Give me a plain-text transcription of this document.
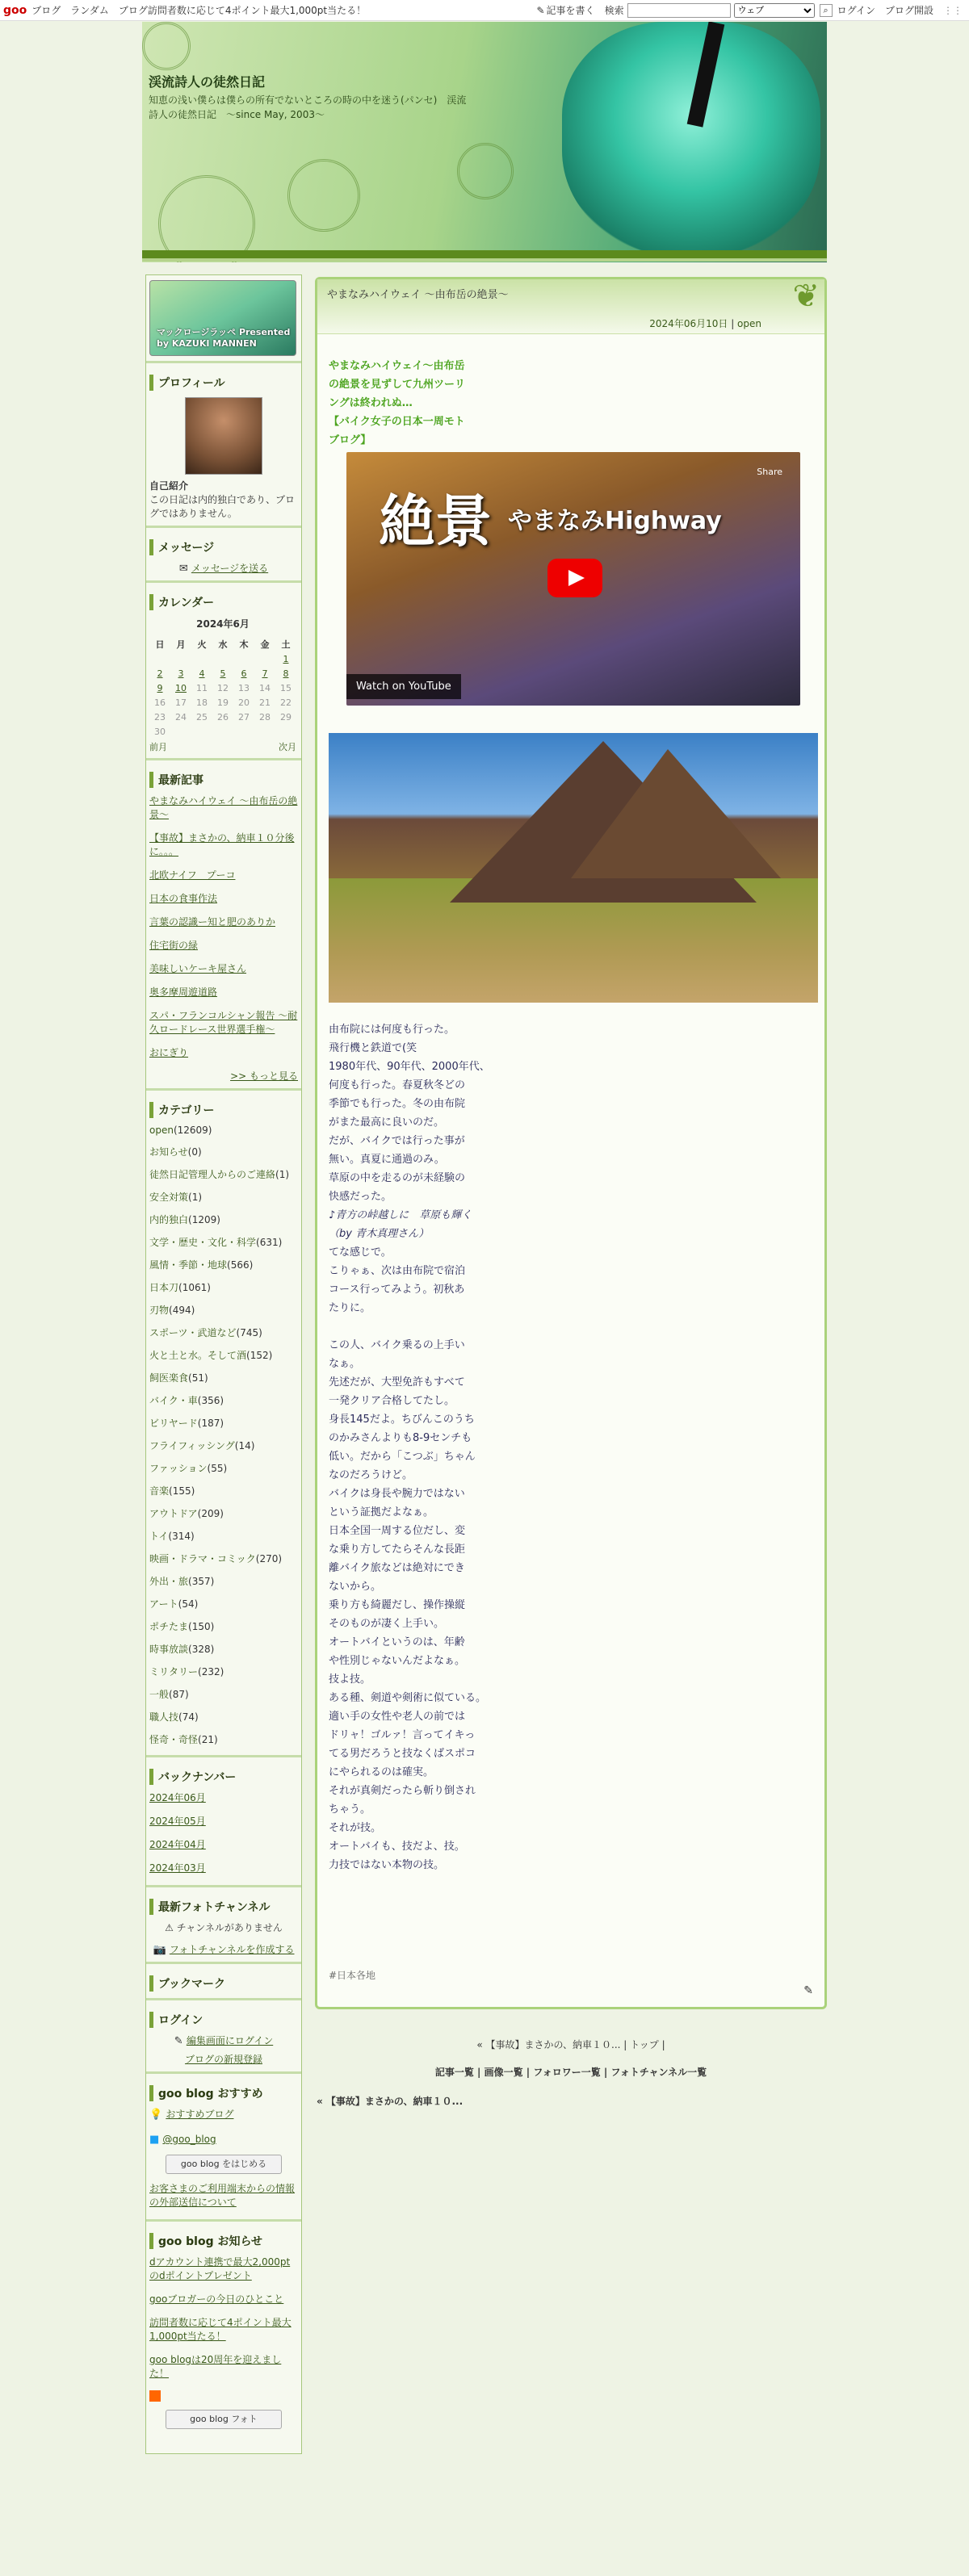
goo ブログ ランダム ブログ訪問者数に応じて4ポイント最大1,000pt当たる！	✎ 記事を書く 検索
ウェブ	⌕ ログイン ブログ開設 ⋮⋮
渓流詩人の徒然日記
知恵の浅い僕らは僕らの所有でないところの時の中を迷う(パンセ)　渓流詩人の徒然日記　～since May, 2003～
マックロージラッペ Presented by KAZUKI MANNEN
プロフィール
自己紹介
この日記は内的独白であり、ブログではありません。
メッセージ
✉ メッセージを送る
カレンダー
2024年6月
日	月	火	水	木	金	土
						1
2	3	4	5	6	7	8
9	10	11	12	13	14	15
16	17	18	19	20	21	22
23	24	25	26	27	28	29
30						
前月	次月
最新記事
やまなみハイウェイ ～由布岳の絶景～
【事故】まさかの、納車１０分後に。。。
北欧ナイフ　プーコ
日本の食事作法
言葉の認識ー知と肥のありか
住宅街の緑
美味しいケーキ屋さん
奥多摩周遊道路
スパ・フランコルシャン報告 ～耐久ロードレース世界選手権～
おにぎり
>> もっと見る
カテゴリー
open(12609)
お知らせ(0)
徒然日記管理人からのご連絡(1)
安全対策(1)
内的独白(1209)
文学・歴史・文化・科学(631)
風情・季節・地球(566)
日本刀(1061)
刃物(494)
スポーツ・武道など(745)
火と土と水。そして酒(152)
飼医楽食(51)
バイク・車(356)
ビリヤード(187)
フライフィッシング(14)
ファッション(55)
音楽(155)
アウトドア(209)
トイ(314)
映画・ドラマ・コミック(270)
外出・旅(357)
アート(54)
ポチたま(150)
時事放談(328)
ミリタリー(232)
一般(87)
職人技(74)
怪奇・奇怪(21)
バックナンバー
2024年06月
2024年05月
2024年04月
2024年03月
最新フォトチャンネル
⚠ チャンネルがありません
📷 フォトチャンネルを作成する
ブックマーク
ログイン
✎ 編集画面にログイン
ブログの新規登録
goo blog おすすめ
💡 おすすめブログ
■ @goo_blog
goo blog をはじめる
お客さまのご利用端末からの情報の外部送信について
goo blog お知らせ
dアカウント連携で最大2,000ptのdポイントプレゼント
gooブロガーの今日のひとこと
訪問者数に応じて4ポイント最大1,000pt当たる！
goo blogは20周年を迎えました！
goo blog フォト
やまなみハイウェイ ～由布岳の絶景～
2024年06月10日 | open
❦
やまなみハイウェイ～由布岳
の絶景を見ずして九州ツーリ
ングは終われぬ…
【バイク女子の日本一周モト
ブログ】
絶景 やまなみHighway
Share
Watch on YouTube
由布院には何度も行った。
飛行機と鉄道で(笑
1980年代、90年代、2000年代、
何度も行った。春夏秋冬どの
季節でも行った。冬の由布院
がまた最高に良いのだ。
だが、バイクでは行った事が
無い。真夏に通過のみ。
草原の中を走るのが未経験の
快感だった。
♪青方の峠越しに　草原も輝く
（by 青木真理さん）
てな感じで。
こりゃぁ、次は由布院で宿泊
コース行ってみよう。初秋あ
たりに。
この人、バイク乗るの上手い
なぁ。
先述だが、大型免許もすべて
一発クリア合格してたし。
身長145だよ。ちびんこのうち
のかみさんよりも8-9センチも
低い。だから「こつぶ」ちゃん
なのだろうけど。
バイクは身長や腕力ではない
という証拠だよなぁ。
日本全国一周する位だし、変
な乗り方してたらそんな長距
離バイク旅などは絶対にでき
ないから。
乗り方も綺麗だし、操作操縦
そのものが凄く上手い。
オートバイというのは、年齢
や性別じゃないんだよなぁ。
技よ技。
ある種、剣道や剣術に似ている。
適い手の女性や老人の前では
ドリャ！ゴルァ！言ってイキっ
てる男だろうと技なくばスポコ
にやられるのは確実。
それが真剣だったら斬り倒され
ちゃう。
それが技。
オートバイも、技だよ、技。
力技ではない本物の技。
#日本各地
✎
« 【事故】まさかの、納車１０... | トップ |
記事一覧 | 画像一覧 | フォロワー一覧 | フォトチャンネル一覧
« 【事故】まさかの、納車１０...
